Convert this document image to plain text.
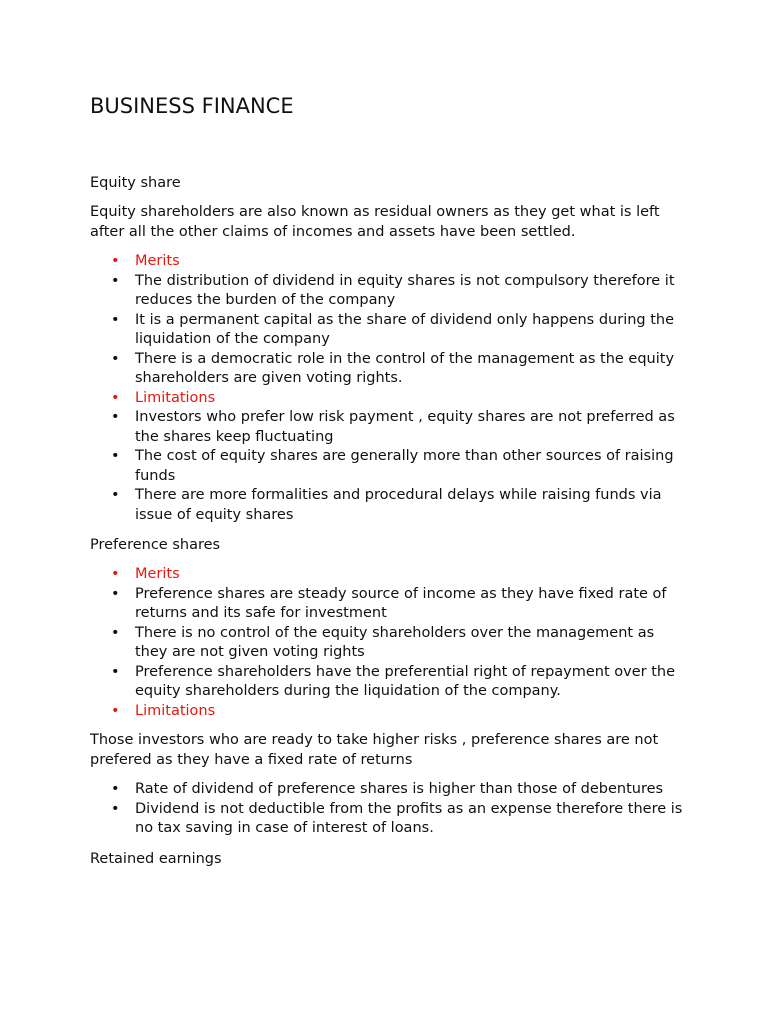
BUSINESS FINANCE

Equity share

Equity shareholders are also known as residual owners as they get what is left after all the other claims of incomes and assets have been settled.

• Merits
• The distribution of dividend in equity shares is not compulsory therefore it reduces the burden of the company
• It is a permanent capital as the share of dividend only happens during the liquidation of the company
• There is a democratic role in the control of the management as the equity shareholders are given voting rights.
• Limitations
• Investors who prefer low risk payment , equity shares are not preferred as the shares keep fluctuating
• The cost of equity shares are generally more than other sources of raising funds
• There are more formalities and procedural delays while raising funds via issue of equity shares

Preference shares

• Merits
• Preference shares are steady source of income as they have fixed rate of returns and its safe for investment
• There is no control of the equity shareholders over the management as they are not given voting rights
• Preference shareholders have the preferential right of repayment over the equity shareholders during the liquidation of the company.
• Limitations

Those investors who are ready to take higher risks , preference shares are not prefered as they have a fixed rate of returns

• Rate of dividend of preference shares is higher than those of debentures
• Dividend is not deductible from the profits as an expense therefore there is no tax saving in case of interest of loans.

Retained earnings
